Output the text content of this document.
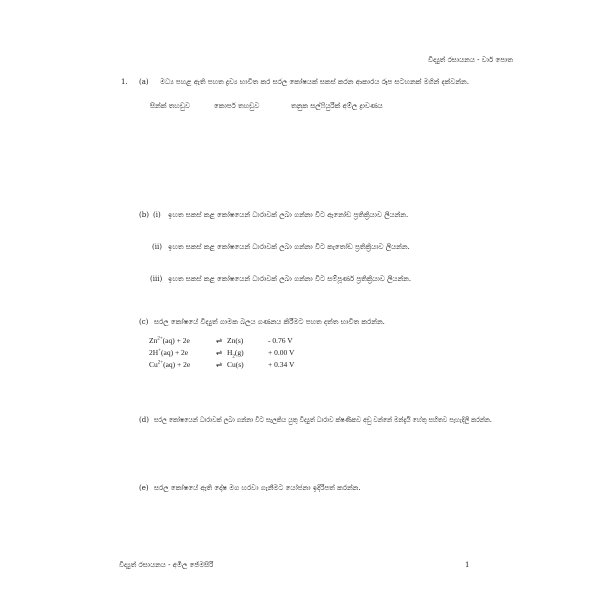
විද්‍යුත් රසායනය - වාර් පොත
1. (a) මධ්‍ය පහළ ඇති පහත ද්‍රව්‍ය භාවිත කර සරල කෝෂයක් සකස් කරන ආකාරය රූප සටහනක් මගින් දක්වන්න.
සින්ක් තහඩුව	කොපර් තහඩුව	තනුක සල්ෆියුරික් අම්ල ද්‍රාවණය
(b) (i) ඉහත සකස් කළ කෝෂයෙන් ධාරාවක් ලබා ගන්නා විට ඇනෝඩ ප්‍රතික්‍රියාව ලියන්න.
(ii) ඉහත සකස් කළ කෝෂයෙන් ධාරාවක් ලබා ගන්නා විට කැතෝඩ ප්‍රතික්‍රියාව ලියන්න.
(iii) ඉහත සකස් කළ කෝෂයෙන් ධාරාවක් ලබා ගන්නා විට සම්පූර්ණ ප්‍රතික්‍රියාව ලියන්න.
(c) සරල කෝෂයේ විද්‍යුත් ගාමක බලය ගණනය කිරීමට පහත දත්ත භාවිත කරන්න.
$Zn^{2+}(aq) + 2e$	⇌ Zn(s)	- 0.76 V
2H+(aq) + 2e	⇌ $H_2(g)$	+ 0.00 V
$Cu^{2+}(aq) + 2e$	⇌ Cu(s)	+ 0.34 V
(d) සරල කෝෂයෙන් ධාරාවක් ලබා ගන්නා විට සැලකිය යුතු විද්‍යුත් ධාරාව ක්ෂණිකව අඩු වන්නේ මන්දැයි හේතු සහිතව පැහැදිලි කරන්න.
(e) සරල කෝෂයේ ඇති දෝෂ මග හරවා ගැනීමට යෝජනා ඉදිරිපත් කරන්න.
විද්‍යුත් රසායනය - අමිල ජේමසිරි	1
